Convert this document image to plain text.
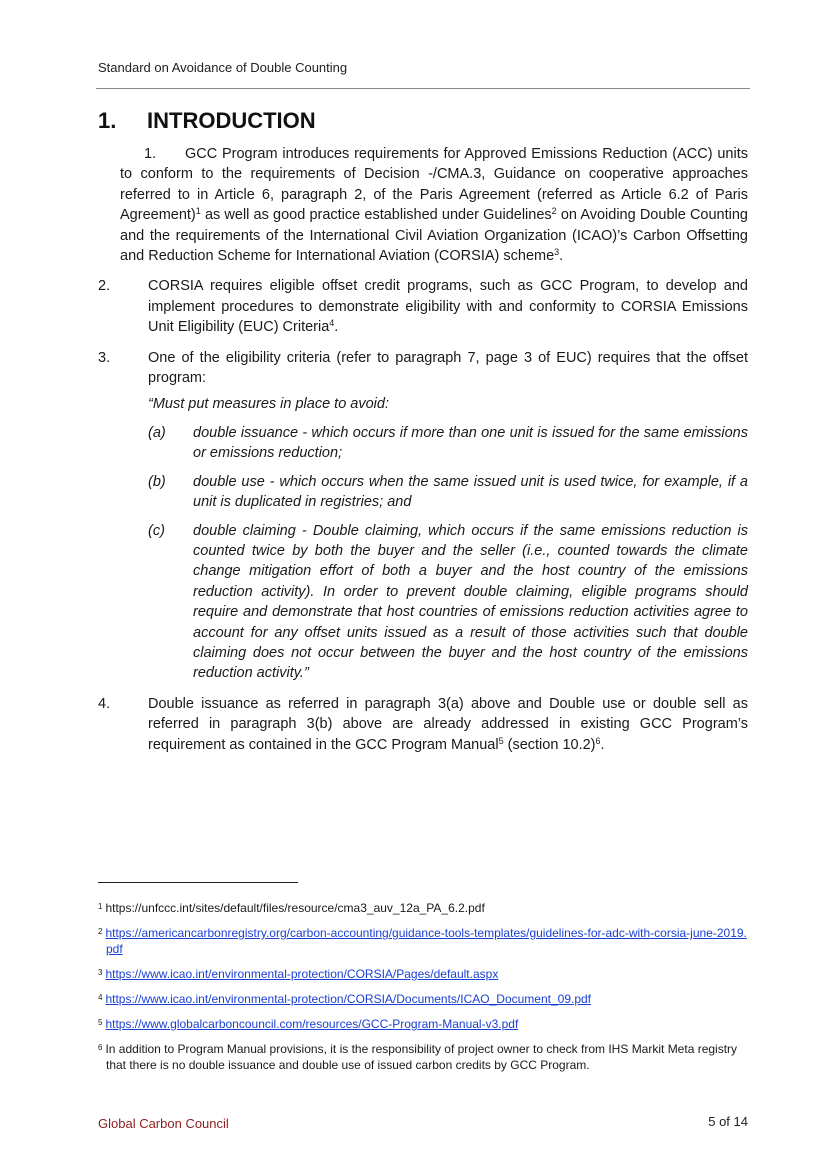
Standard on Avoidance of Double Counting
1. INTRODUCTION
1. GCC Program introduces requirements for Approved Emissions Reduction (ACC) units to conform to the requirements of Decision -/CMA.3, Guidance on cooperative approaches referred to in Article 6, paragraph 2, of the Paris Agreement (referred as Article 6.2 of Paris Agreement)$^1$ as well as good practice established under Guidelines$^2$ on Avoiding Double Counting and the requirements of the International Civil Aviation Organization (ICAO)’s Carbon Offsetting and Reduction Scheme for International Aviation (CORSIA) scheme$^3$.
2.	CORSIA requires eligible offset credit programs, such as GCC Program, to develop and implement procedures to demonstrate eligibility with and conformity to CORSIA Emissions Unit Eligibility (EUC) Criteria$^4$.
3.	One of the eligibility criteria (refer to paragraph 7, page 3 of EUC) requires that the offset program:
“Must put measures in place to avoid:
(a) double issuance - which occurs if more than one unit is issued for the same emissions or emissions reduction;
(b) double use - which occurs when the same issued unit is used twice, for example, if a unit is duplicated in registries; and
(c) double claiming - Double claiming, which occurs if the same emissions reduction is counted twice by both the buyer and the seller (i.e., counted towards the climate change mitigation effort of both a buyer and the host country of the emissions reduction activity). In order to prevent double claiming, eligible programs should require and demonstrate that host countries of emissions reduction activities agree to account for any offset units issued as a result of those activities such that double claiming does not occur between the buyer and the host country of the emissions reduction activity.”
4.	Double issuance as referred in paragraph 3(a) above and Double use or double sell as referred in paragraph 3(b) above are already addressed in existing GCC Program’s requirement as contained in the GCC Program Manual$^5$ (section 10.2)$^6$.
$^1$ https://unfccc.int/sites/default/files/resource/cma3_auv_12a_PA_6.2.pdf
$^2$ https://americancarbonregistry.org/carbon-accounting/guidance-tools-templates/guidelines-for-adc-with-corsia-june-2019.pdf
$^3$ https://www.icao.int/environmental-protection/CORSIA/Pages/default.aspx
$^4$ https://www.icao.int/environmental-protection/CORSIA/Documents/ICAO_Document_09.pdf
$^5$ https://www.globalcarboncouncil.com/resources/GCC-Program-Manual-v3.pdf
$^6$ In addition to Program Manual provisions, it is the responsibility of project owner to check from IHS Markit Meta registry that there is no double issuance and double use of issued carbon credits by GCC Program.
Global Carbon Council	5 of 14
